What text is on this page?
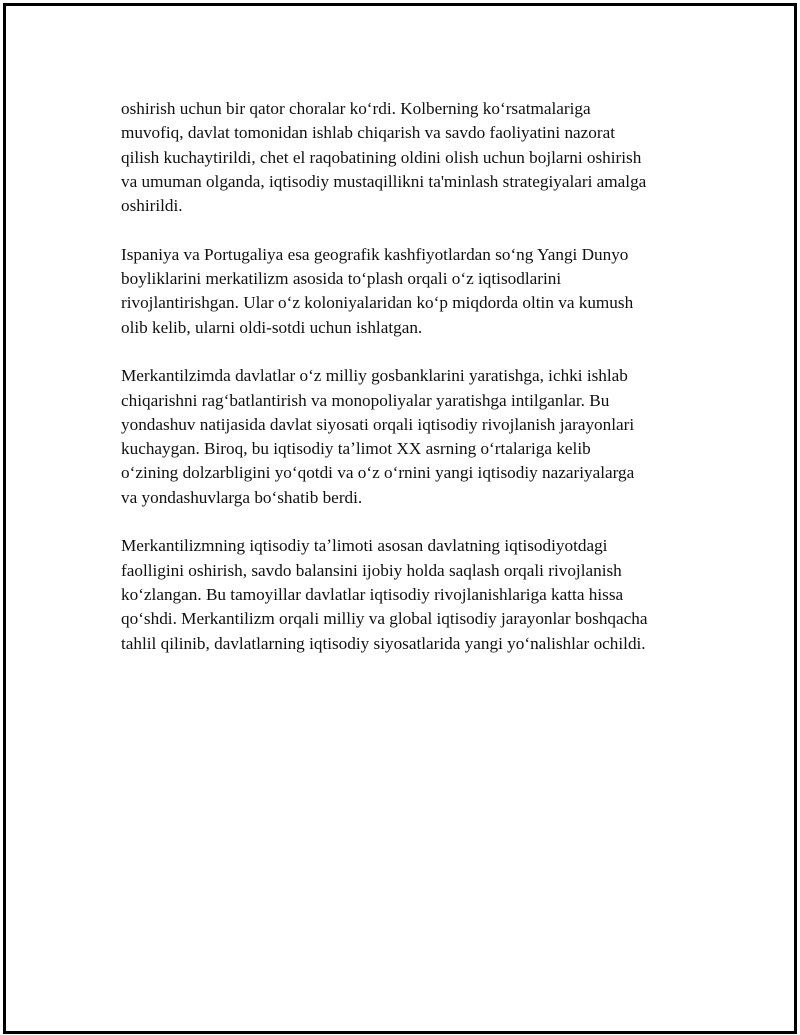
oshirish uchun bir qator choralar koʻrdi. Kolberning koʻrsatmalariga
muvofiq, davlat tomonidan ishlab chiqarish va savdo faoliyatini nazorat
qilish kuchaytirildi, chet el raqobatining oldini olish uchun bojlarni oshirish
va umuman olganda, iqtisodiy mustaqillikni ta'minlash strategiyalari amalga
oshirildi.

Ispaniya va Portugaliya esa geografik kashfiyotlardan soʻng Yangi Dunyo
boyliklarini merkatilizm asosida toʻplash orqali oʻz iqtisodlarini
rivojlantirishgan. Ular oʻz koloniyalaridan koʻp miqdorda oltin va kumush
olib kelib, ularni oldi-sotdi uchun ishlatgan.

Merkantilzimda davlatlar oʻz milliy gosbanklarini yaratishga, ichki ishlab
chiqarishni ragʻbatlantirish va monopoliyalar yaratishga intilganlar. Bu
yondashuv natijasida davlat siyosati orqali iqtisodiy rivojlanish jarayonlari
kuchaygan. Biroq, bu iqtisodiy taʼlimot XX asrning oʻrtalariga kelib
oʻzining dolzarbligini yoʻqotdi va oʻz oʻrnini yangi iqtisodiy nazariyalarga
va yondashuvlarga boʻshatib berdi.

Merkantilizmning iqtisodiy taʼlimoti asosan davlatning iqtisodiyotdagi
faolligini oshirish, savdo balansini ijobiy holda saqlash orqali rivojlanish
koʻzlangan. Bu tamoyillar davlatlar iqtisodiy rivojlanishlariga katta hissa
qoʻshdi. Merkantilizm orqali milliy va global iqtisodiy jarayonlar boshqacha
tahlil qilinib, davlatlarning iqtisodiy siyosatlarida yangi yoʻnalishlar ochildi.
